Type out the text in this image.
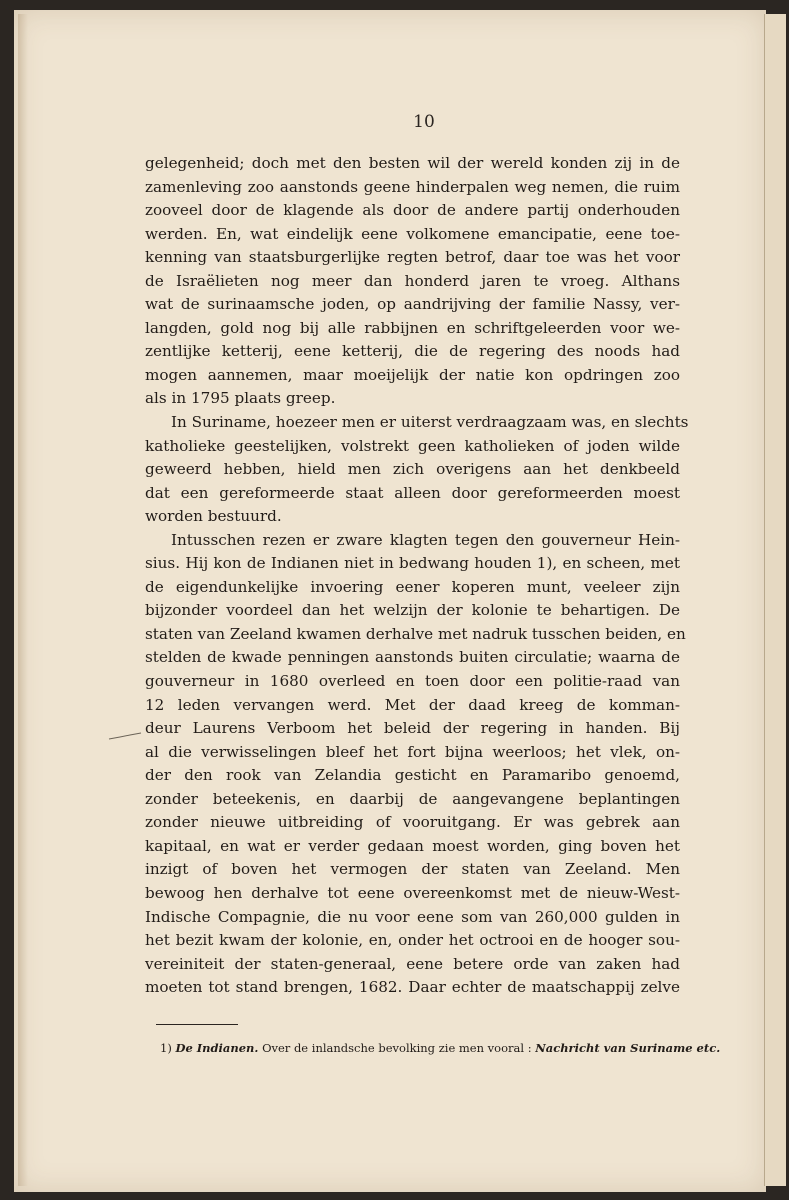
10
gelegenheid; doch met den besten wil der wereld konden zij in de
zamenleving zoo aanstonds geene hinderpalen weg nemen, die ruim
zooveel door de klagende als door de andere partij onderhouden
werden. En, wat eindelijk eene volkomene emancipatie, eene toe-
kenning van staatsburgerlijke regten betrof, daar toe was het voor
de Israëlieten nog meer dan honderd jaren te vroeg. Althans
wat de surinaamsche joden, op aandrijving der familie Nassy, ver-
langden, gold nog bij alle rabbijnen en schriftgeleerden voor we-
zentlijke ketterij, eene ketterij, die de regering des noods had
mogen aannemen, maar moeijelijk der natie kon opdringen zoo
als in 1795 plaats greep.
In Suriname, hoezeer men er uiterst verdraagzaam was, en slechts
katholieke geestelijken, volstrekt geen katholieken of joden wilde
geweerd hebben, hield men zich overigens aan het denkbeeld
dat een gereformeerde staat alleen door gereformeerden moest
worden bestuurd.
Intusschen rezen er zware klagten tegen den gouverneur Hein-
sius. Hij kon de Indianen niet in bedwang houden 1), en scheen, met
de eigendunkelijke invoering eener koperen munt, veeleer zijn
bijzonder voordeel dan het welzijn der kolonie te behartigen. De
staten van Zeeland kwamen derhalve met nadruk tusschen beiden, en
stelden de kwade penningen aanstonds buiten circulatie; waarna de
gouverneur in 1680 overleed en toen door een politie-raad van
12 leden vervangen werd. Met der daad kreeg de komman-
deur Laurens Verboom het beleid der regering in handen. Bij
al die verwisselingen bleef het fort bijna weerloos; het vlek, on-
der den rook van Zelandia gesticht en Paramaribo genoemd,
zonder beteekenis, en daarbij de aangevangene beplantingen
zonder nieuwe uitbreiding of vooruitgang. Er was gebrek aan
kapitaal, en wat er verder gedaan moest worden, ging boven het
inzigt of boven het vermogen der staten van Zeeland. Men
bewoog hen derhalve tot eene overeenkomst met de nieuw-West-
Indische Compagnie, die nu voor eene som van 260,000 gulden in
het bezit kwam der kolonie, en, onder het octrooi en de hooger sou-
vereiniteit der staten-generaal, eene betere orde van zaken had
moeten tot stand brengen, 1682. Daar echter de maatschappij zelve
1) De Indianen. Over de inlandsche bevolking zie men vooral : Nachricht van Suriname etc.
